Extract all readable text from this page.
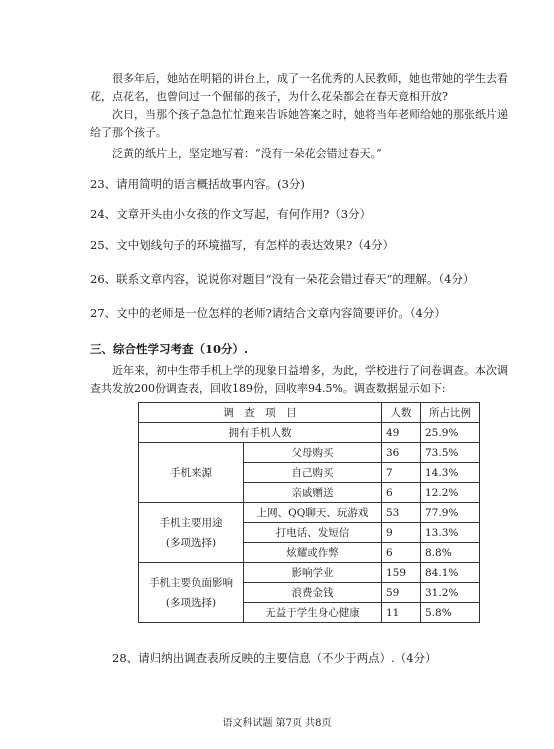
很多年后，她站在明韬的讲台上，成了一名优秀的人民教师，她也带她的学生去看
花，点花名，也曾问过一个倔郁的孩子，为什么花朵都会在春天竟相开放?
次日，当那个孩子急急忙忙跑来告诉她答案之时，她将当年老师给她的那张纸片递
给了那个孩子。
泛黄的纸片上，坚定地写着：“没有一朵花会错过春天。”
23、请用简明的语言概括故事内容。(3分)
24、文章开头由小女孩的作文写起，有何作用?（3分）
25、文中划线句子的环境描写，有怎样的表达效果?（4分）
26、联系文章内容，说说你对题目“没有一朵花会错过春天”的理解。（4分）
27、文中的老师是一位怎样的老师?请结合文章内容简要评价。（4分）
三、综合性学习考查（10分）.
近年来，初中生带手机上学的现象日益增多，为此，学校进行了问卷调查。本次调
查共发放200份调查表，回收189份，回收率94.5%。调查数据显示如下:
调　查　项　目		人数	所占比例
拥有手机人数		49	25.9%
手机来源	父母购买	36	73.5%
	自己购买	7	14.3%
	亲戚赠送	6	12.2%

手机主要用途
(多项选择)	上网、QQ聊天、玩游戏	53	77.9%
	打电话、发短信	9	13.3%
	炫耀或作弊	6	8.8%

手机主要负面影响
(多项选择)	影响学业	159	84.1%
	浪费金钱	59	31.2%
	无益于学生身心健康	11	5.8%
28、请归纳出调查表所反映的主要信息（不少于两点）.（4分）
语文科试题 第7页 共8页
